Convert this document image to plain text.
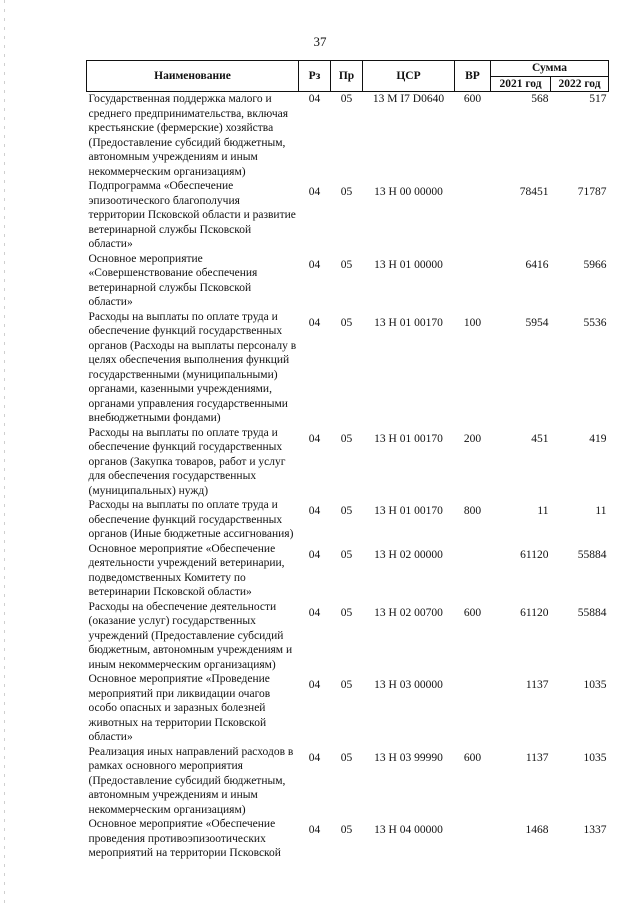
37
Наименование	Рз	Пр	ЦСР	ВР	Сумма	
					2021 год	2022 год
Государственная поддержка малого и среднего предпринимательства, включая крестьянские (фермерские) хозяйства (Предоставление субсидий бюджетным, автономным учреждениям и иным некоммерческим организациям)	04	05	13 М I7 D0640	600	568	517
Подпрограмма «Обеспечение эпизоотического благополучия территории Псковской области и развитие ветеринарной службы Псковской области»	04	05	13 Н 00 00000		78451	71787
Основное мероприятие «Совершенствование обеспечения ветеринарной службы Псковской области»	04	05	13 Н 01 00000		6416	5966
Расходы на выплаты по оплате труда и обеспечение функций государственных органов (Расходы на выплаты персоналу в целях обеспечения выполнения функций государственными (муниципальными) органами, казенными учреждениями, органами управления государственными внебюджетными фондами)	04	05	13 Н 01 00170	100	5954	5536
Расходы на выплаты по оплате труда и обеспечение функций государственных органов (Закупка товаров, работ и услуг для обеспечения государственных (муниципальных) нужд)	04	05	13 Н 01 00170	200	451	419
Расходы на выплаты по оплате труда и обеспечение функций государственных органов (Иные бюджетные ассигнования)	04	05	13 Н 01 00170	800	11	11
Основное мероприятие «Обеспечение деятельности учреждений ветеринарии, подведомственных Комитету по ветеринарии Псковской области»	04	05	13 Н 02 00000		61120	55884
Расходы на обеспечение деятельности (оказание услуг) государственных учреждений (Предоставление субсидий бюджетным, автономным учреждениям и иным некоммерческим организациям)	04	05	13 Н 02 00700	600	61120	55884
Основное мероприятие «Проведение мероприятий при ликвидации очагов особо опасных и заразных болезней животных на территории Псковской области»	04	05	13 Н 03 00000		1137	1035
Реализация иных направлений расходов в рамках основного мероприятия (Предоставление субсидий бюджетным, автономным учреждениям и иным некоммерческим организациям)	04	05	13 Н 03 99990	600	1137	1035
Основное мероприятие «Обеспечение проведения противоэпизоотических мероприятий на территории Псковской	04	05	13 Н 04 00000		1468	1337
